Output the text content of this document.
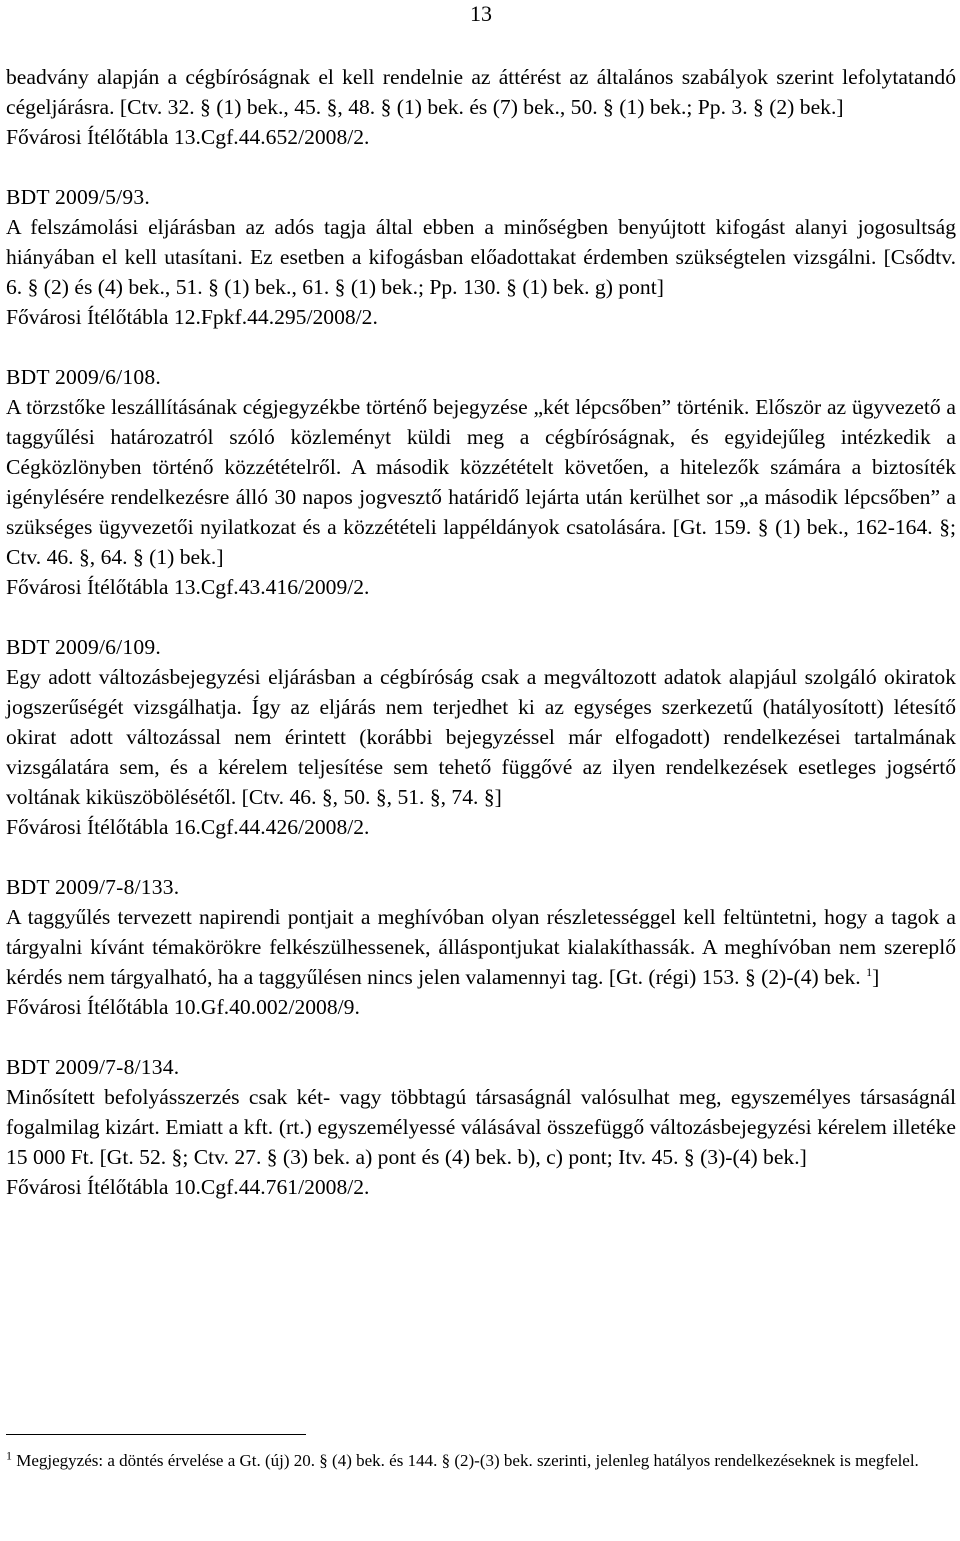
13

beadvány alapján a cégbíróságnak el kell rendelnie az áttérést az általános szabályok szerint lefolytatandó cégeljárásra. [Ctv. 32. § (1) bek., 45. §, 48. § (1) bek. és (7) bek., 50. § (1) bek.; Pp. 3. § (2) bek.]

Fővárosi Ítélőtábla 13.Cgf.44.652/2008/2.
BDT 2009/5/93.

A felszámolási eljárásban az adós tagja által ebben a minőségben benyújtott kifogást alanyi jogosultság hiányában el kell utasítani. Ez esetben a kifogásban előadottakat érdemben szükségtelen vizsgálni. [Csődtv. 6. § (2) és (4) bek., 51. § (1) bek., 61. § (1) bek.; Pp. 130. § (1) bek. g) pont]

Fővárosi Ítélőtábla 12.Fpkf.44.295/2008/2.
BDT 2009/6/108.

A törzstőke leszállításának cégjegyzékbe történő bejegyzése „két lépcsőben” történik. Először az ügyvezető a taggyűlési határozatról szóló közleményt küldi meg a cégbíróságnak, és egyidejűleg intézkedik a Cégközlönyben történő közzétételről. A második közzétételt követően, a hitelezők számára a biztosíték igénylésére rendelkezésre álló 30 napos jogvesztő határidő lejárta után kerülhet sor „a második lépcsőben” a szükséges ügyvezetői nyilatkozat és a közzétételi lappéldányok csatolására. [Gt. 159. § (1) bek., 162-164. §; Ctv. 46. §, 64. § (1) bek.]

Fővárosi Ítélőtábla 13.Cgf.43.416/2009/2.
BDT 2009/6/109.

Egy adott változásbejegyzési eljárásban a cégbíróság csak a megváltozott adatok alapjául szolgáló okiratok jogszerűségét vizsgálhatja. Így az eljárás nem terjedhet ki az egységes szerkezetű (hatályosított) létesítő okirat adott változással nem érintett (korábbi bejegyzéssel már elfogadott) rendelkezései tartalmának vizsgálatára sem, és a kérelem teljesítése sem tehető függővé az ilyen rendelkezések esetleges jogsértő voltának kiküszöbölésétől. [Ctv. 46. §, 50. §, 51. §, 74. §]

Fővárosi Ítélőtábla 16.Cgf.44.426/2008/2.
BDT 2009/7-8/133.

A taggyűlés tervezett napirendi pontjait a meghívóban olyan részletességgel kell feltüntetni, hogy a tagok a tárgyalni kívánt témakörökre felkészülhessenek, álláspontjukat kialakíthassák. A meghívóban nem szereplő kérdés nem tárgyalható, ha a taggyűlésen nincs jelen valamennyi tag. [Gt. (régi) 153. § (2)-(4) bek. $^1$]

Fővárosi Ítélőtábla 10.Gf.40.002/2008/9.
BDT 2009/7-8/134.

Minősített befolyásszerzés csak két- vagy többtagú társaságnál valósulhat meg, egyszemélyes társaságnál fogalmilag kizárt. Emiatt a kft. (rt.) egyszemélyessé válásával összefüggő változásbejegyzési kérelem illetéke 15 000 Ft. [Gt. 52. §; Ctv. 27. § (3) bek. a) pont és (4) bek. b), c) pont; Itv. 45. § (3)-(4) bek.]

Fővárosi Ítélőtábla 10.Cgf.44.761/2008/2.

$^1$ Megjegyzés: a döntés érvelése a Gt. (új) 20. § (4) bek. és 144. § (2)-(3) bek. szerinti, jelenleg hatályos rendelkezéseknek is megfelel.
